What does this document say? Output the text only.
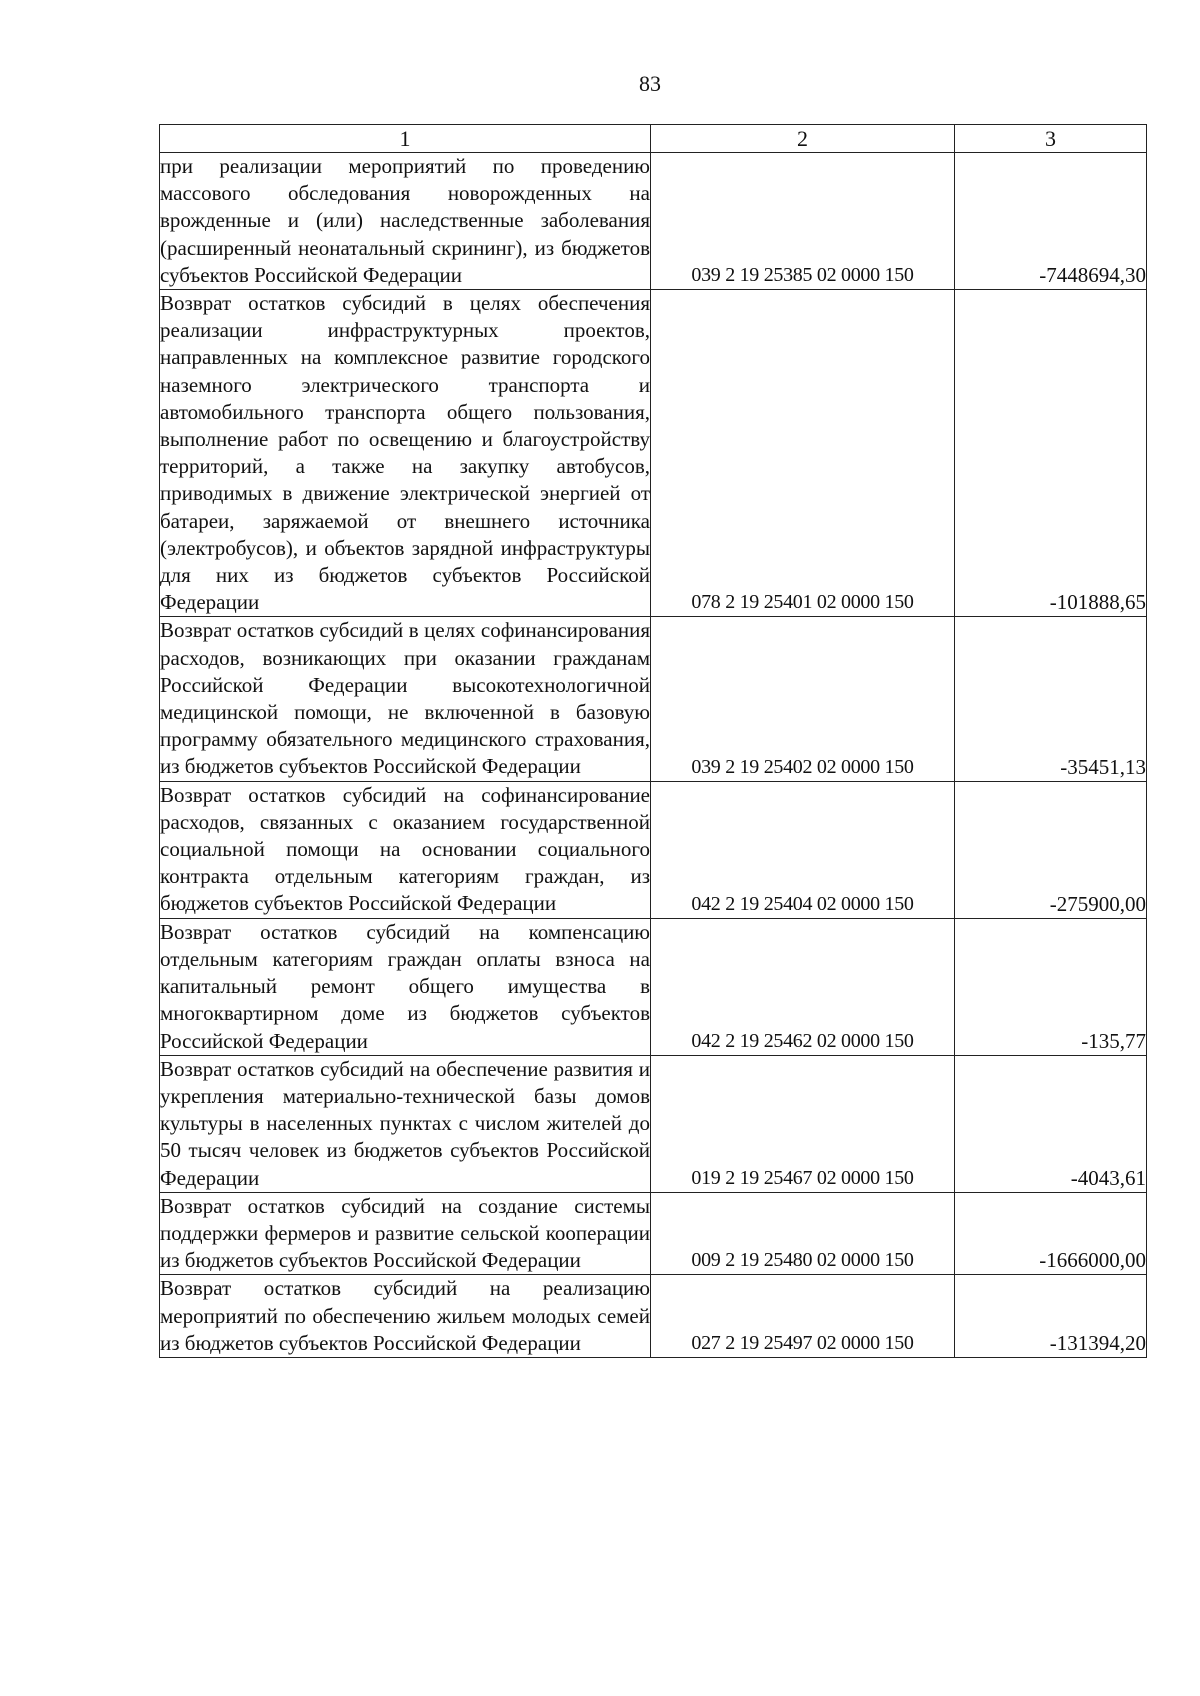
83
1	2	3
при реализации мероприятий по проведению массового обследования новорожденных на врожденные и (или) наследственные заболевания (расширенный неонатальный скрининг), из бюджетов субъектов Российской Федерации	039 2 19 25385 02 0000 150	-7448694,30
Возврат остатков субсидий в целях обеспечения реализации инфраструктурных проектов, направленных на комплексное развитие городского наземного электрического транспорта и автомобильного транспорта общего пользования, выполнение работ по освещению и благоустройству территорий, а также на закупку автобусов, приводимых в движение электрической энергией от батареи, заряжаемой от внешнего источника (электробусов), и объектов зарядной инфраструктуры для них из бюджетов субъектов Российской Федерации	078 2 19 25401 02 0000 150	-101888,65
Возврат остатков субсидий в целях софинансирования расходов, возникающих при оказании гражданам Российской Федерации высокотехнологичной медицинской помощи, не включенной в базовую программу обязательного медицинского страхования, из бюджетов субъектов Российской Федерации	039 2 19 25402 02 0000 150	-35451,13
Возврат остатков субсидий на софинансирование расходов, связанных с оказанием государственной социальной помощи на основании социального контракта отдельным категориям граждан, из бюджетов субъектов Российской Федерации	042 2 19 25404 02 0000 150	-275900,00
Возврат остатков субсидий на компенсацию отдельным категориям граждан оплаты взноса на капитальный ремонт общего имущества в многоквартирном доме из бюджетов субъектов Российской Федерации	042 2 19 25462 02 0000 150	-135,77
Возврат остатков субсидий на обеспечение развития и укрепления материально-технической базы домов культуры в населенных пунктах с числом жителей до 50 тысяч человек из бюджетов субъектов Российской Федерации	019 2 19 25467 02 0000 150	-4043,61
Возврат остатков субсидий на создание системы поддержки фермеров и развитие сельской кооперации из бюджетов субъектов Российской Федерации	009 2 19 25480 02 0000 150	-1666000,00
Возврат остатков субсидий на реализацию мероприятий по обеспечению жильем молодых семей из бюджетов субъектов Российской Федерации	027 2 19 25497 02 0000 150	-131394,20
